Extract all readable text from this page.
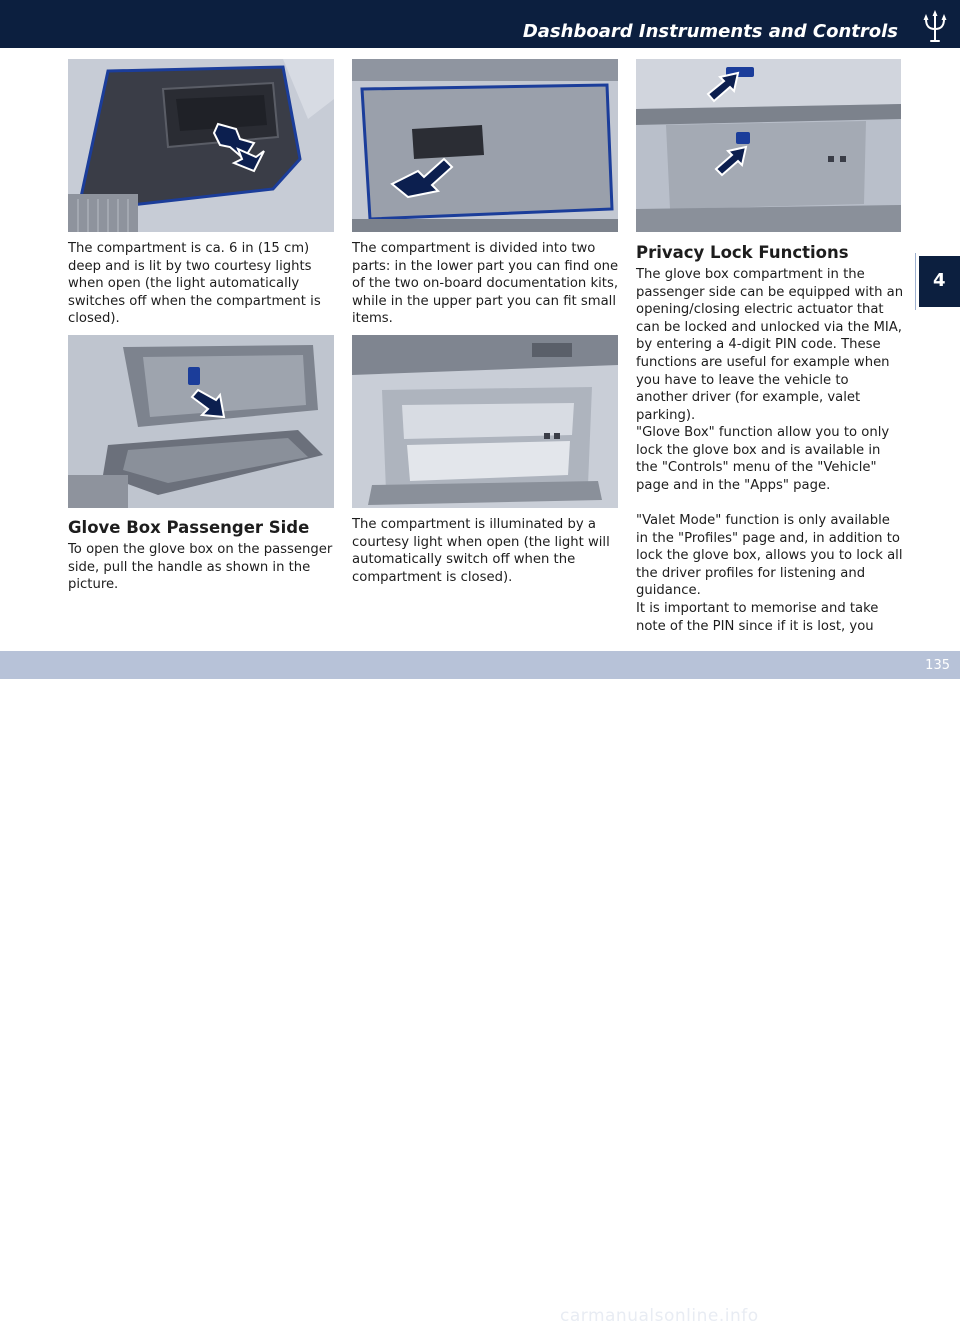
Dashboard Instruments and Controls
4

The compartment is ca. 6 in (15 cm) deep and is lit by two courtesy lights when open (the light automatically switches off when the compartment is closed).

Glove Box Passenger Side

To open the glove box on the passenger side, pull the handle as shown in the picture.

The compartment is divided into two parts: in the lower part you can find one of the two on-board documentation kits, while in the upper part you can fit small items.

The compartment is illuminated by a courtesy light when open (the light will automatically switch off when the compartment is closed).

Privacy Lock Functions

The glove box compartment in the passenger side can be equipped with an opening/closing electric actuator that can be locked and unlocked via the MIA, by entering a 4-digit PIN code. These functions are useful for example when you have to leave the vehicle to another driver (for example, valet parking).

"Glove Box" function allow you to only lock the glove box and is available in the "Controls" menu of the "Vehicle" page and in the "Apps" page.

"Valet Mode" function is only available in the "Profiles" page and, in addition to lock the glove box, allows you to lock all the driver profiles for listening and guidance.

It is important to memorise and take note of the PIN since if it is lost, you

carmanualsonline.info
135
